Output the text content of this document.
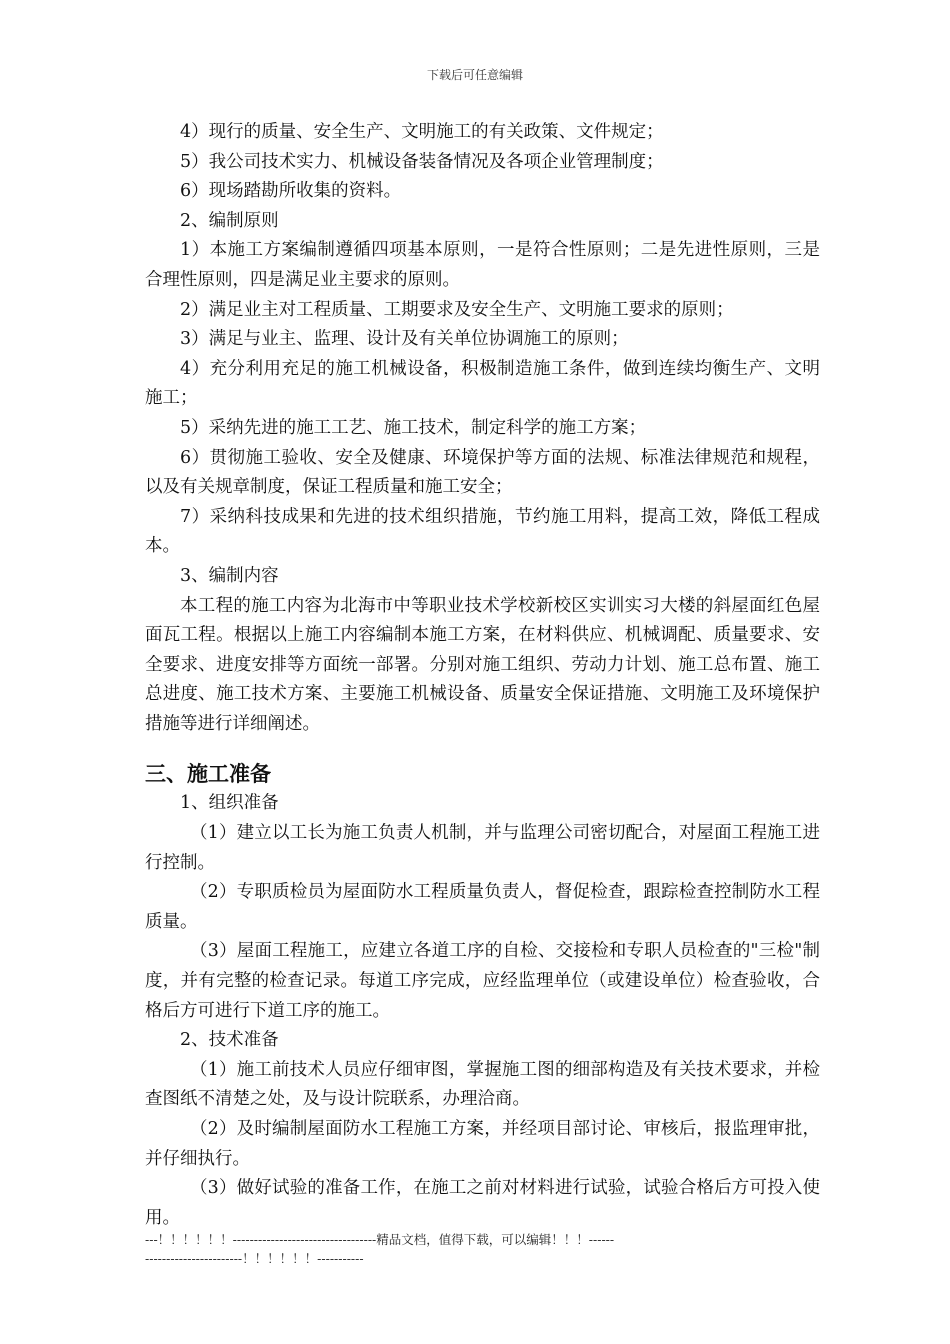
下载后可任意编辑

4）现行的质量、安全生产、文明施工的有关政策、文件规定；

5）我公司技术实力、机械设备装备情况及各项企业管理制度；

6）现场踏勘所收集的资料。

2、编制原则

1）本施工方案编制遵循四项基本原则，一是符合性原则；二是先进性原则，三是合理性原则，四是满足业主要求的原则。

2）满足业主对工程质量、工期要求及安全生产、文明施工要求的原则；

3）满足与业主、监理、设计及有关单位协调施工的原则；

4）充分利用充足的施工机械设备，积极制造施工条件，做到连续均衡生产、文明施工；

5）采纳先进的施工工艺、施工技术，制定科学的施工方案；

6）贯彻施工验收、安全及健康、环境保护等方面的法规、标准法律规范和规程，以及有关规章制度，保证工程质量和施工安全；

7）采纳科技成果和先进的技术组织措施，节约施工用料，提高工效，降低工程成本。

3、编制内容

本工程的施工内容为北海市中等职业技术学校新校区实训实习大楼的斜屋面红色屋面瓦工程。根据以上施工内容编制本施工方案，在材料供应、机械调配、质量要求、安全要求、进度安排等方面统一部署。分别对施工组织、劳动力计划、施工总布置、施工总进度、施工技术方案、主要施工机械设备、质量安全保证措施、文明施工及环境保护措施等进行详细阐述。

三、施工准备

1、组织准备

（1）建立以工长为施工负责人机制，并与监理公司密切配合，对屋面工程施工进行控制。

（2）专职质检员为屋面防水工程质量负责人，督促检查，跟踪检查控制防水工程质量。

（3）屋面工程施工，应建立各道工序的自检、交接检和专职人员检查的"三检"制度，并有完整的检查记录。每道工序完成，应经监理单位（或建设单位）检查验收，合格后方可进行下道工序的施工。

2、技术准备

（1）施工前技术人员应仔细审图，掌握施工图的细部构造及有关技术要求，并检查图纸不清楚之处，及与设计院联系，办理洽商。

（2）及时编制屋面防水工程施工方案，并经项目部讨论、审核后，报监理审批，并仔细执行。

（3）做好试验的准备工作，在施工之前对材料进行试验，试验合格后方可投入使用。

---！！！！！！----------------------------------精品文档，值得下载，可以编辑！！！-----------------------------！！！！！！-----------
